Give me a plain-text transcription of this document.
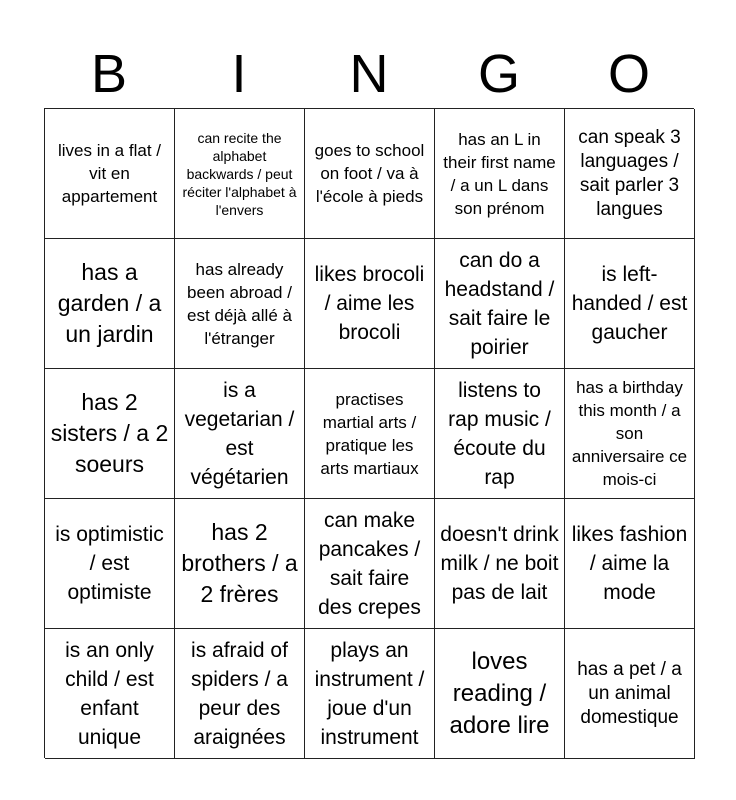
B	I	N	G	O
lives in a flat / vit en appartement
can recite the alphabet backwards / peut réciter l'alphabet à l'envers
goes to school on foot / va à l'école à pieds
has an L in their first name / a un L dans son prénom
can speak 3 languages / sait parler 3 langues
has a garden / a un jardin
has already been abroad / est déjà allé à l'étranger
likes brocoli / aime les brocoli
can do a headstand / sait faire le poirier
is left-handed / est gaucher
has 2 sisters / a 2 soeurs
is a vegetarian / est végétarien
practises martial arts / pratique les arts martiaux
listens to rap music / écoute du rap
has a birthday this month / a son anniversaire ce mois-ci
is optimistic / est optimiste
has 2 brothers / a 2 frères
can make pancakes / sait faire des crepes
doesn't drink milk / ne boit pas de lait
likes fashion / aime la mode
is an only child / est enfant unique
is afraid of spiders / a peur des araignées
plays an instrument / joue d'un instrument
loves reading / adore lire
has a pet / a un animal domestique
